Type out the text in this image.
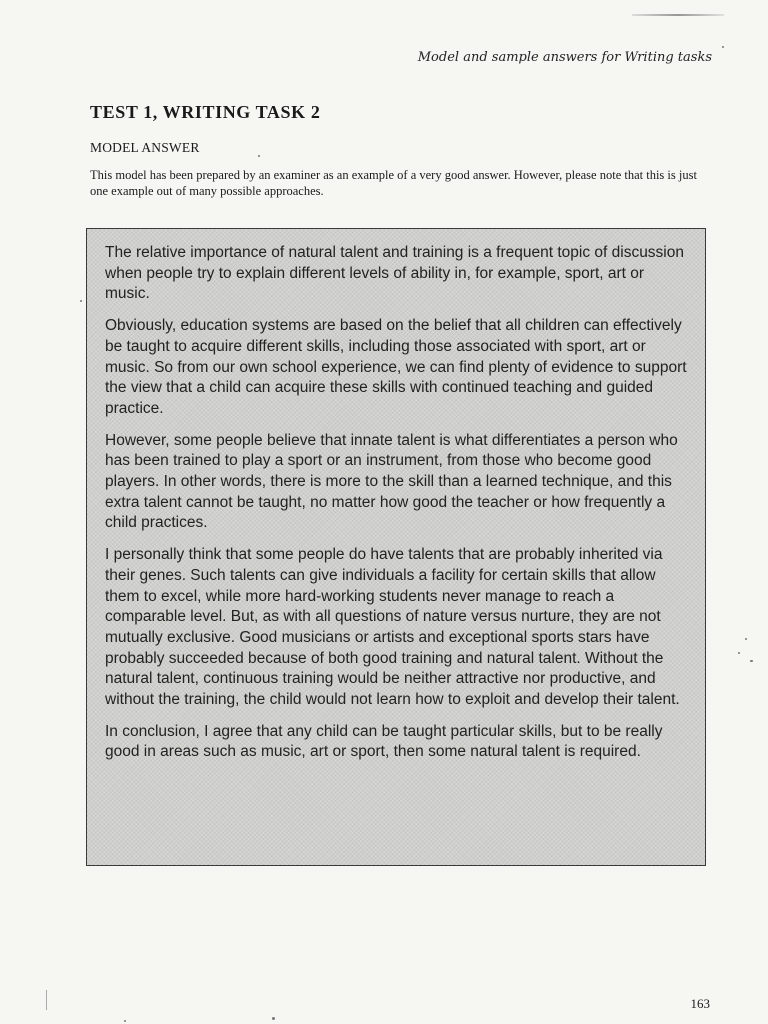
Model and sample answers for Writing tasks
TEST 1, WRITING TASK 2
MODEL ANSWER
This model has been prepared by an examiner as an example of a very good answer. However, please note that this is just one example out of many possible approaches.

The relative importance of natural talent and training is a frequent topic of discussion when people try to explain different levels of ability in, for example, sport, art or music.

Obviously, education systems are based on the belief that all children can effectively be taught to acquire different skills, including those associated with sport, art or music. So from our own school experience, we can find plenty of evidence to support the view that a child can acquire these skills with continued teaching and guided practice.

However, some people believe that innate talent is what differentiates a person who has been trained to play a sport or an instrument, from those who become good players. In other words, there is more to the skill than a learned technique, and this extra talent cannot be taught, no matter how good the teacher or how frequently a child practices.

I personally think that some people do have talents that are probably inherited via their genes. Such talents can give individuals a facility for certain skills that allow them to excel, while more hard-working students never manage to reach a comparable level. But, as with all questions of nature versus nurture, they are not mutually exclusive. Good musicians or artists and exceptional sports stars have probably succeeded because of both good training and natural talent. Without the natural talent, continuous training would be neither attractive nor productive, and without the training, the child would not learn how to exploit and develop their talent.

In conclusion, I agree that any child can be taught particular skills, but to be really good in areas such as music, art or sport, then some natural talent is required.

163
